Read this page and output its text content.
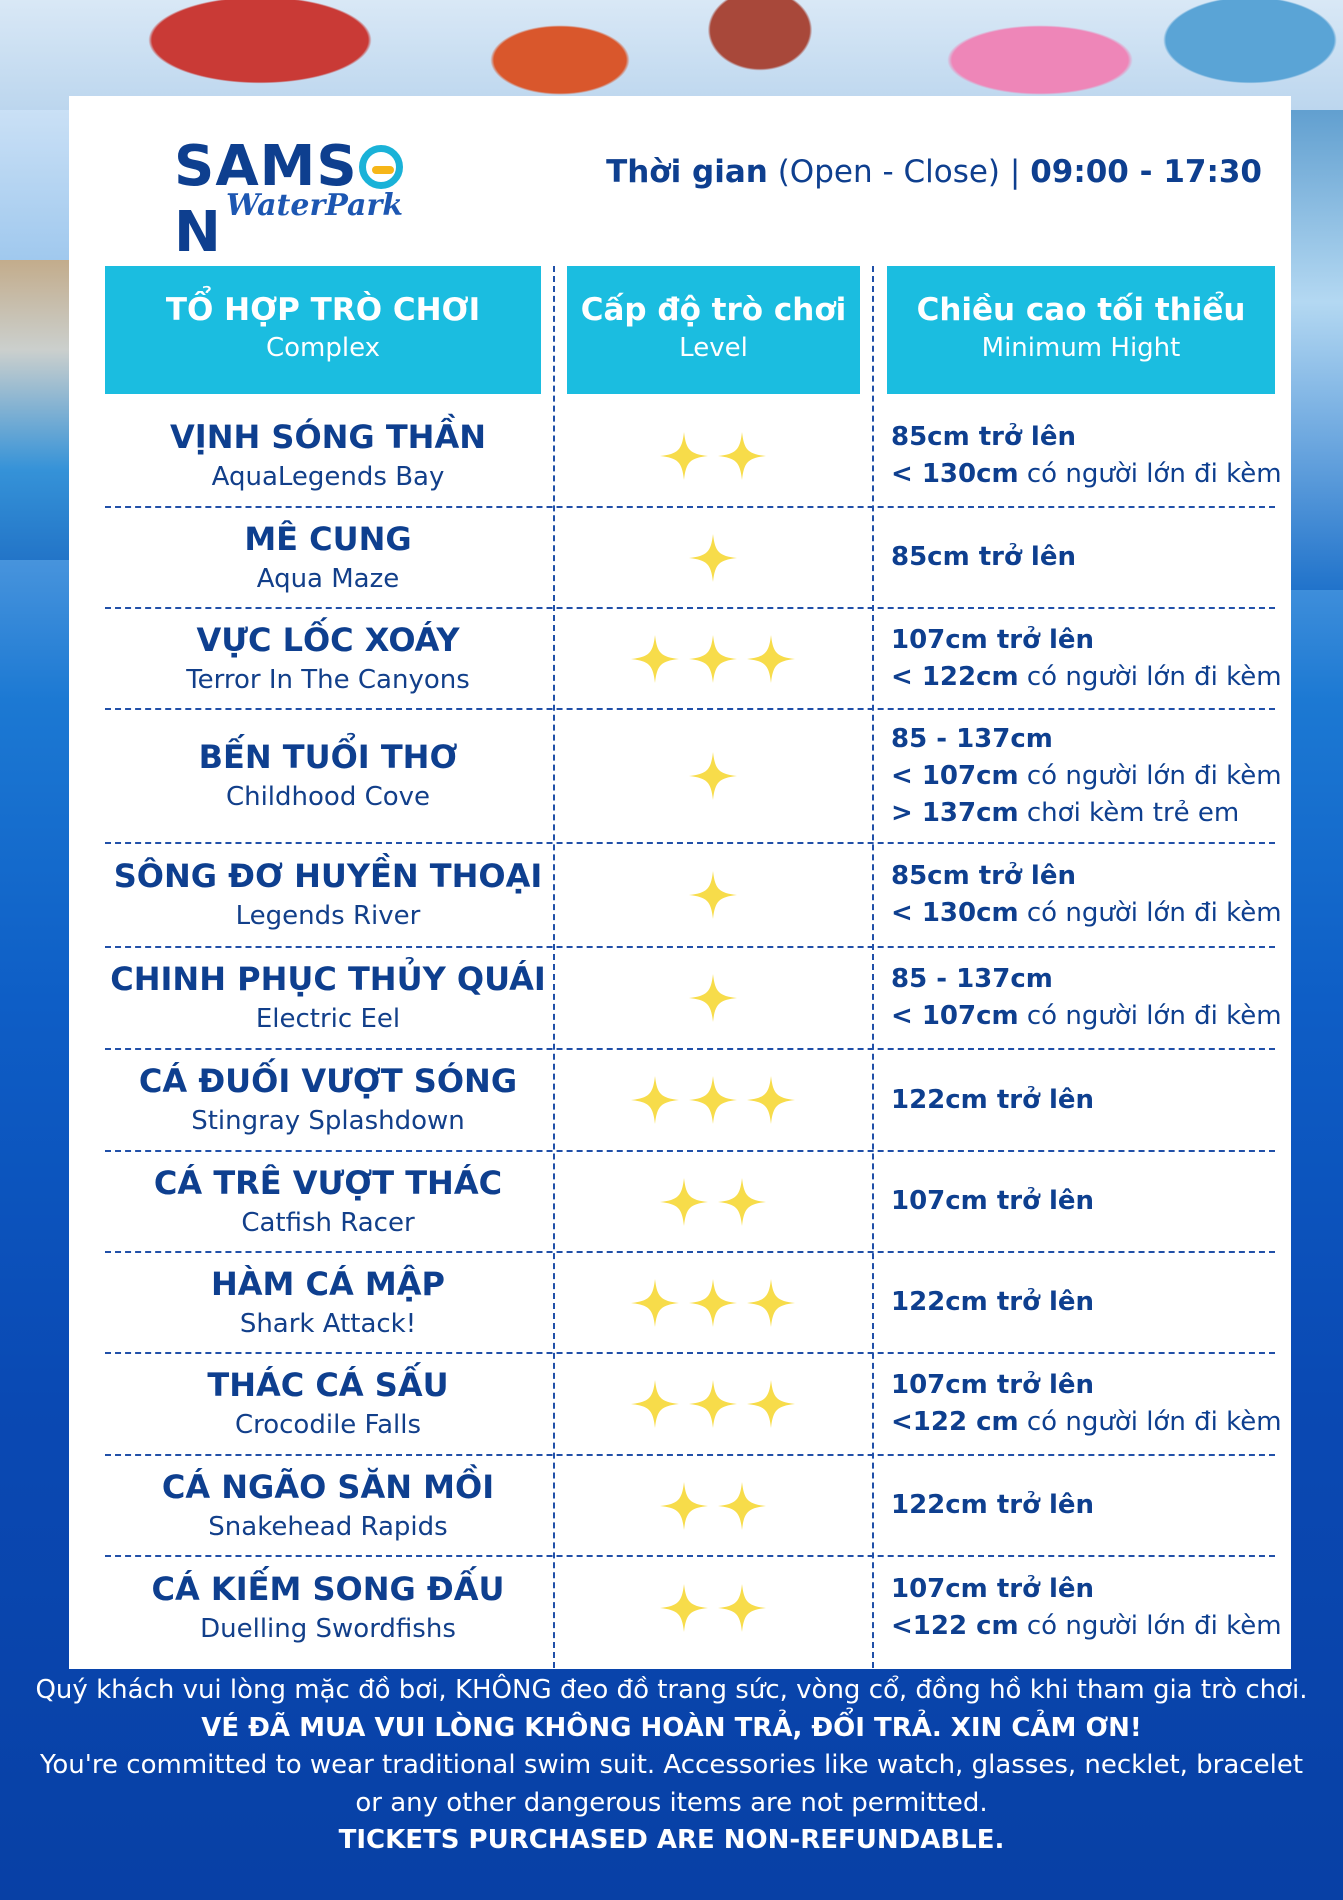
SAMSN WaterPark
Thời gian (Open - Close) | 09:00 - 17:30
TỔ HỢP TRÒ CHƠI
Complex
Cấp độ trò chơi
Level
Chiều cao tối thiểu
Minimum Hight
VỊNH SÓNG THẦN
AquaLegends Bay
85cm trở lên
< 130cm có người lớn đi kèm
MÊ CUNG
Aqua Maze
85cm trở lên
VỰC LỐC XOÁY
Terror In The Canyons
107cm trở lên
< 122cm có người lớn đi kèm
BẾN TUỔI THƠ
Childhood Cove
85 - 137cm
< 107cm có người lớn đi kèm
> 137cm chơi kèm trẻ em
SÔNG ĐƠ HUYỀN THOẠI
Legends River
85cm trở lên
< 130cm có người lớn đi kèm
CHINH PHỤC THỦY QUÁI
Electric Eel
85 - 137cm
< 107cm có người lớn đi kèm
CÁ ĐUỐI VƯỢT SÓNG
Stingray Splashdown
122cm trở lên
CÁ TRÊ VƯỢT THÁC
Catfish Racer
107cm trở lên
HÀM CÁ MẬP
Shark Attack!
122cm trở lên
THÁC CÁ SẤU
Crocodile Falls
107cm trở lên
<122 cm có người lớn đi kèm
CÁ NGÃO SĂN MỒI
Snakehead Rapids
122cm trở lên
CÁ KIẾM SONG ĐẤU
Duelling Swordfishs
107cm trở lên
<122 cm có người lớn đi kèm
Quý khách vui lòng mặc đồ bơi, KHÔNG đeo đồ trang sức, vòng cổ, đồng hồ khi tham gia trò chơi.
VÉ ĐÃ MUA VUI LÒNG KHÔNG HOÀN TRẢ, ĐỔI TRẢ. XIN CẢM ƠN!
You're committed to wear traditional swim suit. Accessories like watch, glasses, necklet, bracelet
or any other dangerous items are not permitted.
TICKETS PURCHASED ARE NON-REFUNDABLE.
